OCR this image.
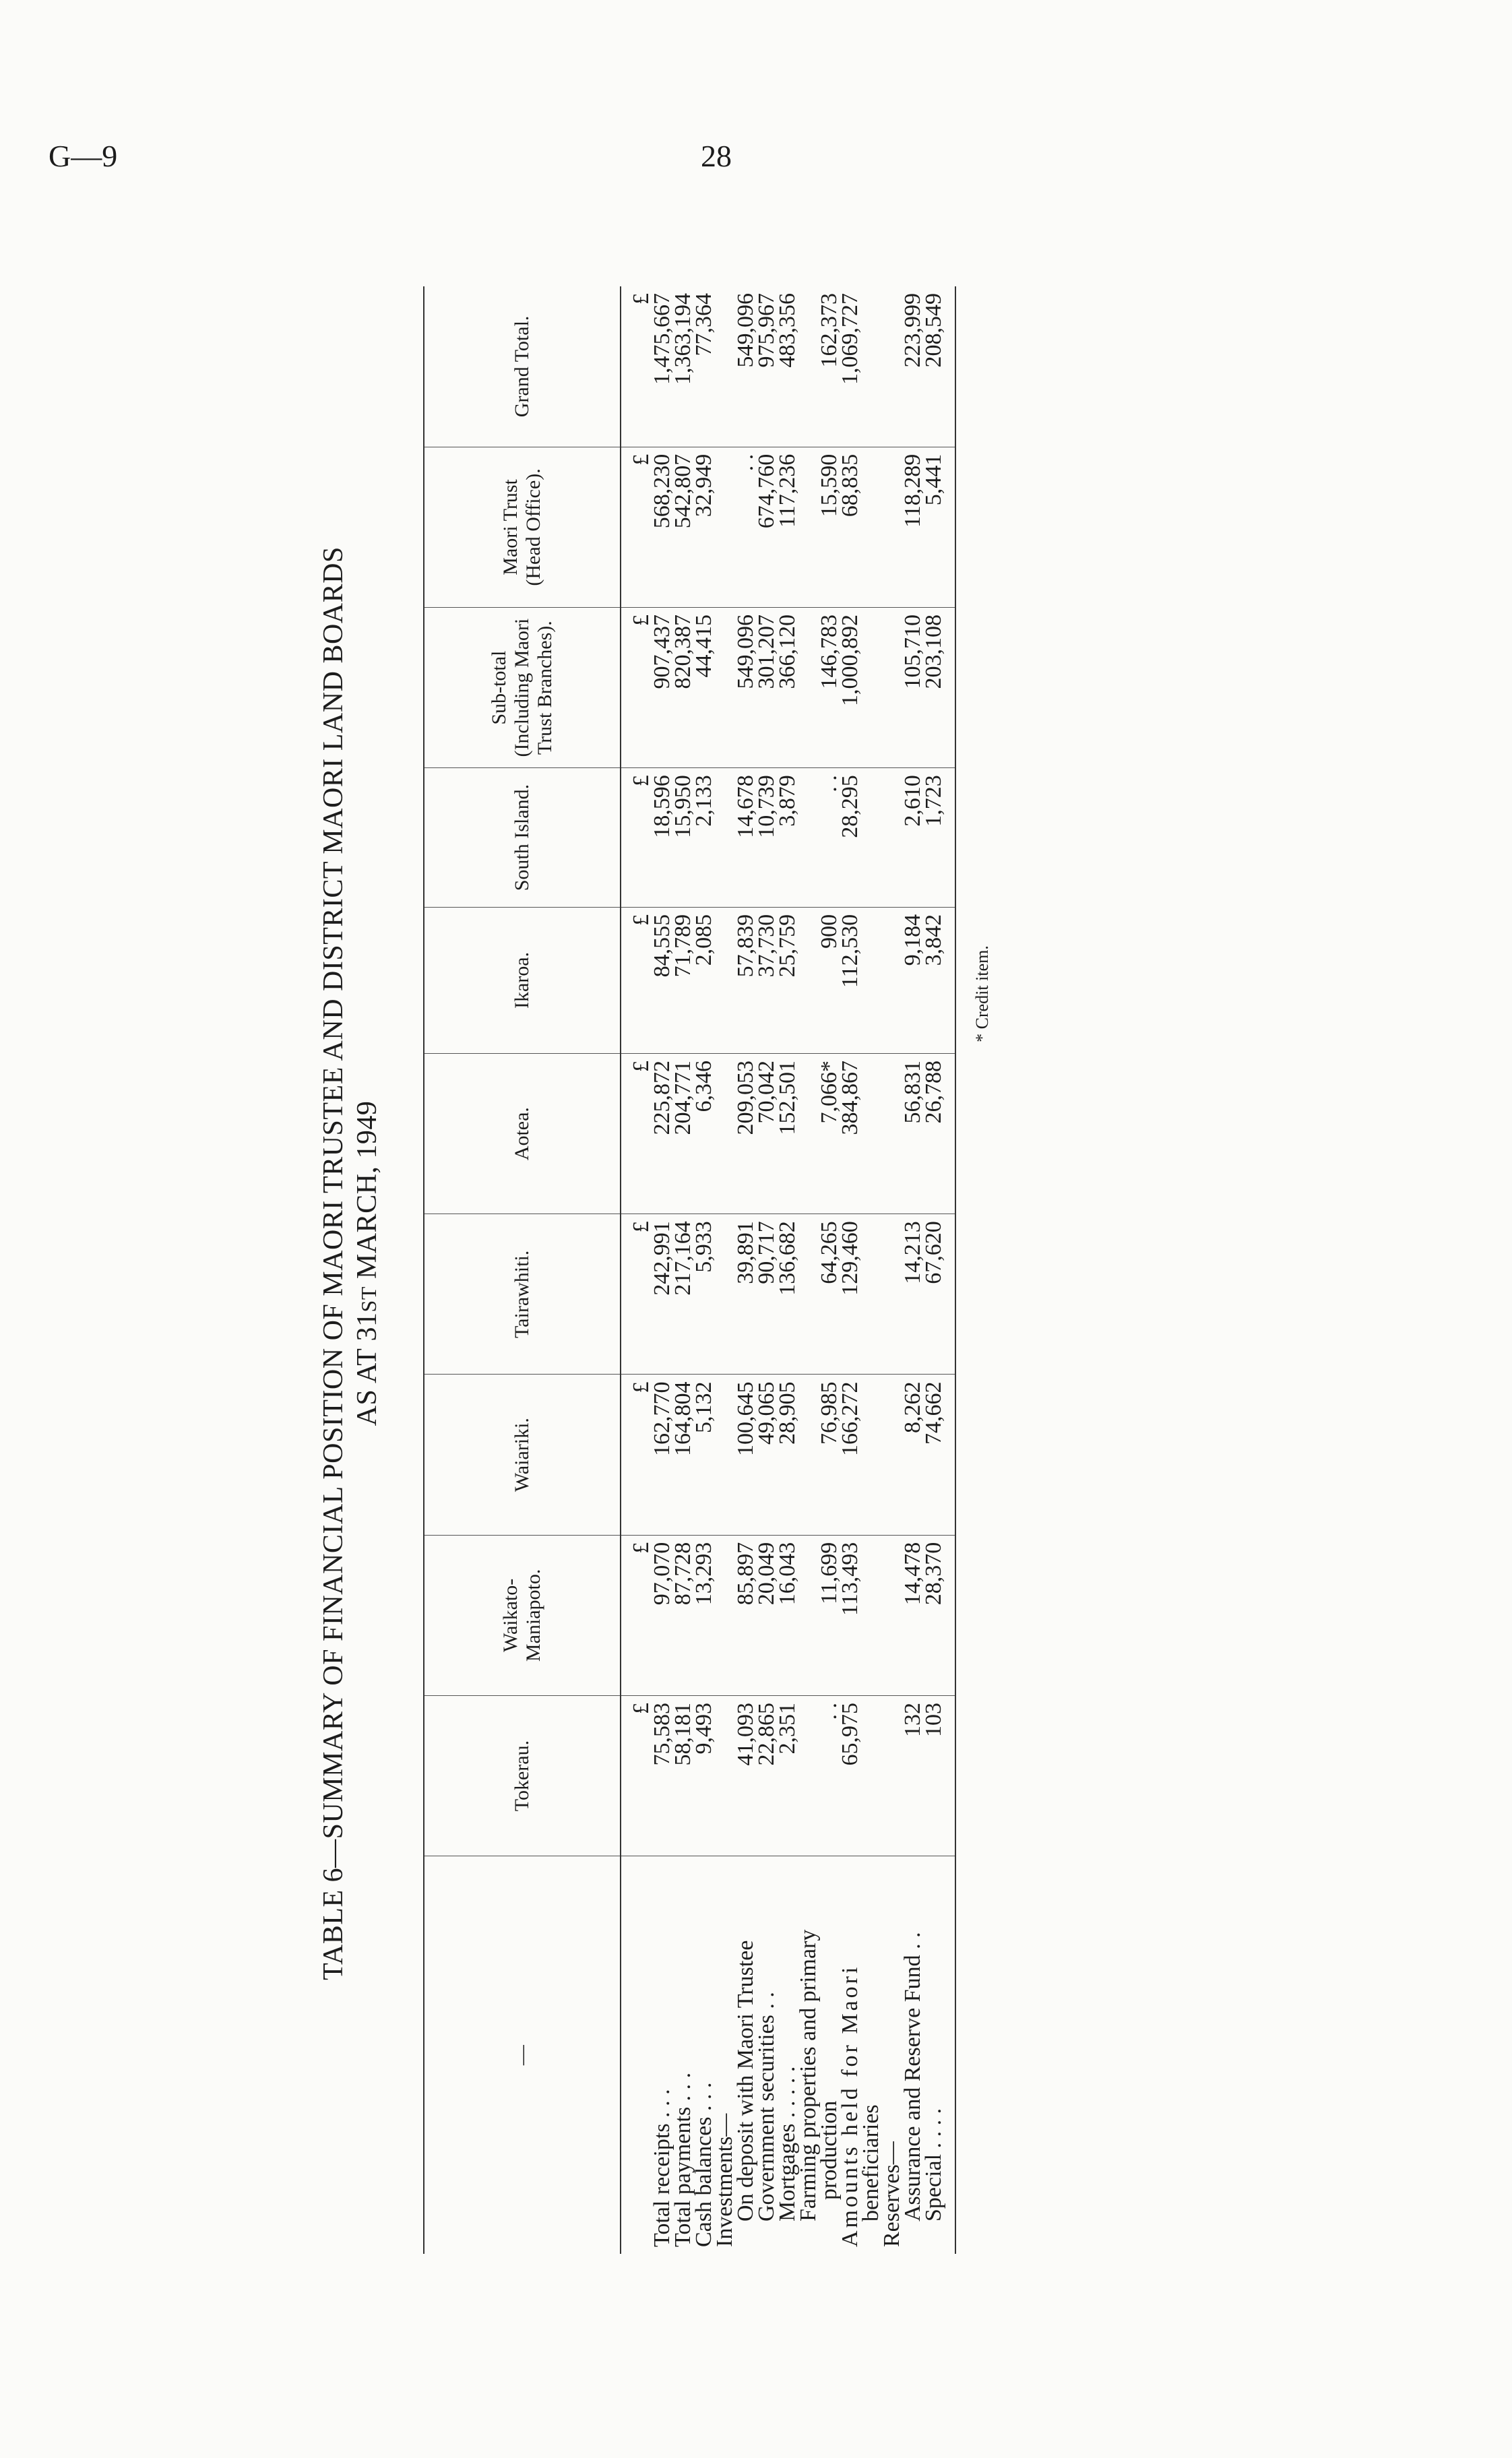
G—9	28
TABLE 6—SUMMARY OF FINANCIAL POSITION OF MAORI TRUSTEE AND DISTRICT MAORI LAND BOARDS AS AT 31ST MARCH, 1949
—	Tokerau.	Waikato-Maniapoto.	Waiariki.	Tairawhiti.	Aotea.	Ikaroa.	South Island.	Sub-total (Including Maori Trust Branches).	Maori Trust (Head Office).	Grand Total.
	£	£	£	£	£	£	£	£	£	£
Total receipts . . .	75,583	97,070	162,770	242,991	225,872	84,555	18,596	907,437	568,230	1,475,667
Total payments . . .	58,181	87,728	164,804	217,164	204,771	71,789	15,950	820,387	542,807	1,363,194
Cash balances . . .	9,493	13,293	5,132	5,933	6,346	2,085	2,133	44,415	32,949	77,364
Investments—										
On deposit with Maori Trustee	41,093	85,897	100,645	39,891	209,053	57,839	14,678	549,096	. .	549,096
Government securities . .	22,865	20,049	49,065	90,717	70,042	37,730	10,739	301,207	674,760	975,967
Mortgages . . . . .	2,351	16,043	28,905	136,682	152,501	25,759	3,879	366,120	117,236	483,356
Farming properties and primary										
production	. .	11,699	76,985	64,265	7,066*	900	. .	146,783	15,590	162,373
Amounts held for Maori	65,975	113,493	166,272	129,460	384,867	112,530	28,295	1,000,892	68,835	1,069,727
beneficiaries										
Reserves—										
Assurance and Reserve Fund . .	132	14,478	8,262	14,213	56,831	9,184	2,610	105,710	118,289	223,999
Special . . . .	103	28,370	74,662	67,620	26,788	3,842	1,723	203,108	5,441	208,549
* Credit item.
